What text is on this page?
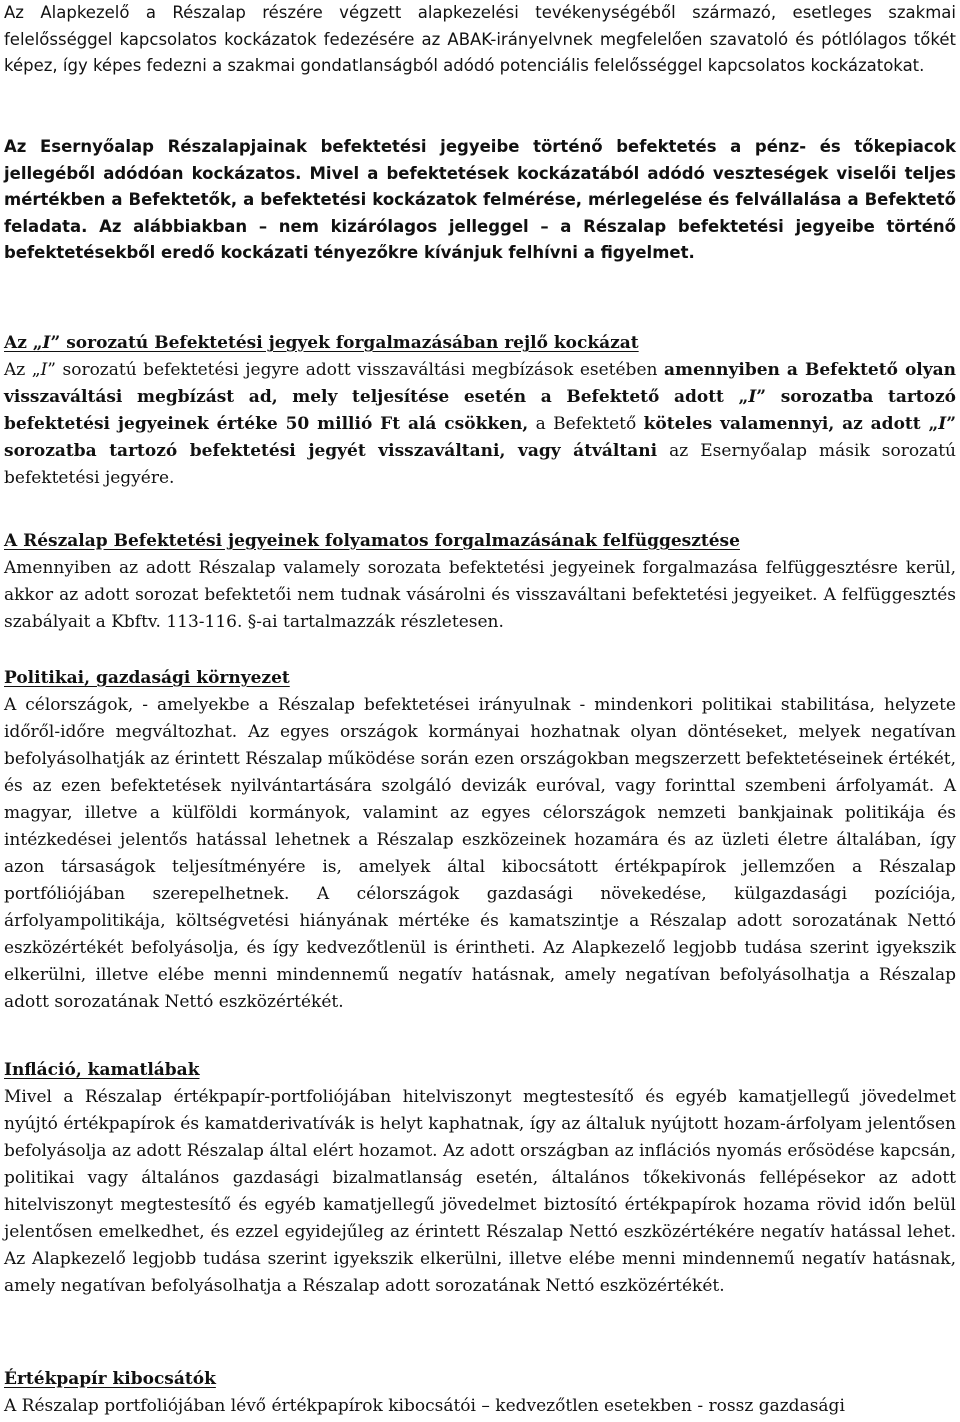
Az Alapkezelő a Részalap részére végzett alapkezelési tevékenységéből származó, esetleges szakmai felelősséggel kapcsolatos kockázatok fedezésére az ABAK-irányelvnek megfelelően szavatoló és pótlólagos tőkét képez, így képes fedezni a szakmai gondatlanságból adódó potenciális felelősséggel kapcsolatos kockázatokat.

Az Esernyőalap Részalapjainak befektetési jegyeibe történő befektetés a pénz- és tőkepiacok jellegéből adódóan kockázatos. Mivel a befektetések kockázatából adódó veszteségek viselői teljes mértékben a Befektetők, a befektetési kockázatok felmérése, mérlegelése és felvállalása a Befektető feladata. Az alábbiakban – nem kizárólagos jelleggel – a Részalap befektetési jegyeibe történő befektetésekből eredő kockázati tényezőkre kívánjuk felhívni a figyelmet.

Az „I” sorozatú Befektetési jegyek forgalmazásában rejlő kockázat

Az „I” sorozatú befektetési jegyre adott visszaváltási megbízások esetében amennyiben a Befektető olyan visszaváltási megbízást ad, mely teljesítése esetén a Befektető adott „I” sorozatba tartozó befektetési jegyeinek értéke 50 millió Ft alá csökken, a Befektető köteles valamennyi, az adott „I” sorozatba tartozó befektetési jegyét visszaváltani, vagy átváltani az Esernyőalap másik sorozatú befektetési jegyére.

A Részalap Befektetési jegyeinek folyamatos forgalmazásának felfüggesztése

Amennyiben az adott Részalap valamely sorozata befektetési jegyeinek forgalmazása felfüggesztésre kerül, akkor az adott sorozat befektetői nem tudnak vásárolni és visszaváltani befektetési jegyeiket. A felfüggesztés szabályait a Kbftv. 113-116. §-ai tartalmazzák részletesen.

Politikai, gazdasági környezet

A célországok, - amelyekbe a Részalap befektetései irányulnak - mindenkori politikai stabilitása, helyzete időről-időre megváltozhat. Az egyes országok kormányai hozhatnak olyan döntéseket, melyek negatívan befolyásolhatják az érintett Részalap működése során ezen országokban megszerzett befektetéseinek értékét, és az ezen befektetések nyilvántartására szolgáló devizák euróval, vagy forinttal szembeni árfolyamát. A magyar, illetve a külföldi kormányok, valamint az egyes célországok nemzeti bankjainak politikája és intézkedései jelentős hatással lehetnek a Részalap eszközeinek hozamára és az üzleti életre általában, így azon társaságok teljesítményére is, amelyek által kibocsátott értékpapírok jellemzően a Részalap portfóliójában szerepelhetnek. A célországok gazdasági növekedése, külgazdasági pozíciója, árfolyampolitikája, költségvetési hiányának mértéke és kamatszintje a Részalap adott sorozatának Nettó eszközértékét befolyásolja, és így kedvezőtlenül is érintheti. Az Alapkezelő legjobb tudása szerint igyekszik elkerülni, illetve elébe menni mindennemű negatív hatásnak, amely negatívan befolyásolhatja a Részalap adott sorozatának Nettó eszközértékét.

Infláció, kamatlábak

Mivel a Részalap értékpapír-portfoliójában hitelviszonyt megtestesítő és egyéb kamatjellegű jövedelmet nyújtó értékpapírok és kamatderivatívák is helyt kaphatnak, így az általuk nyújtott hozam-árfolyam jelentősen befolyásolja az adott Részalap által elért hozamot. Az adott országban az inflációs nyomás erősödése kapcsán, politikai vagy általános gazdasági bizalmatlanság esetén, általános tőkekivonás fellépésekor az adott hitelviszonyt megtestesítő és egyéb kamatjellegű jövedelmet biztosító értékpapírok hozama rövid időn belül jelentősen emelkedhet, és ezzel egyidejűleg az érintett Részalap Nettó eszközértékére negatív hatással lehet. Az Alapkezelő legjobb tudása szerint igyekszik elkerülni, illetve elébe menni mindennemű negatív hatásnak, amely negatívan befolyásolhatja a Részalap adott sorozatának Nettó eszközértékét.

Értékpapír kibocsátók

A Részalap portfoliójában lévő értékpapírok kibocsátói – kedvezőtlen esetekben - rossz gazdasági
